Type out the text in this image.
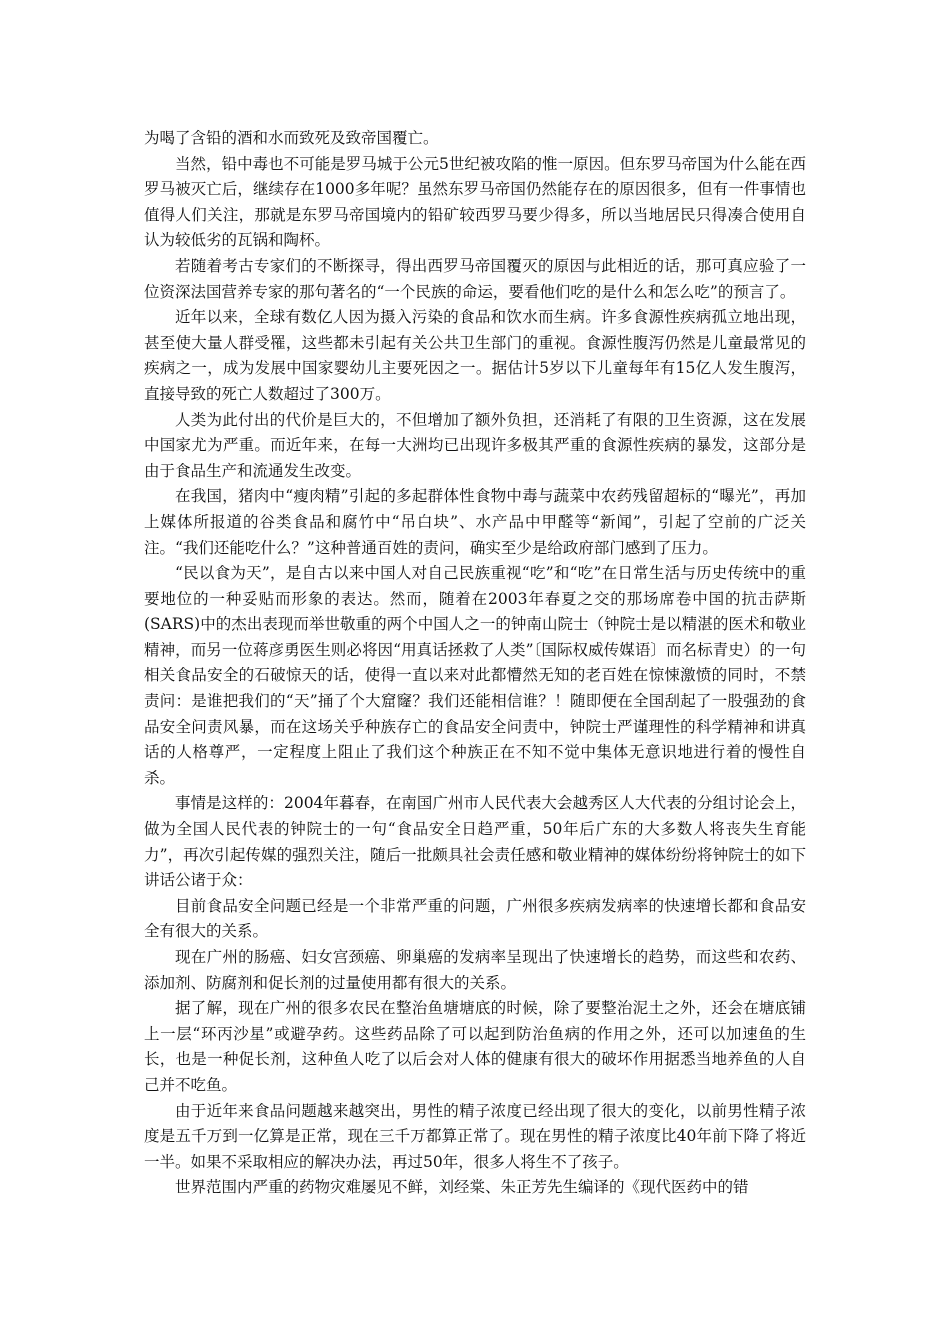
为喝了含铅的酒和水而致死及致帝国覆亡。

当然，铅中毒也不可能是罗马城于公元5世纪被攻陷的惟一原因。但东罗马帝国为什么能在西罗马被灭亡后，继续存在1000多年呢？虽然东罗马帝国仍然能存在的原因很多，但有一件事情也值得人们关注，那就是东罗马帝国境内的铅矿较西罗马要少得多，所以当地居民只得凑合使用自认为较低劣的瓦锅和陶杯。

若随着考古专家们的不断探寻，得出西罗马帝国覆灭的原因与此相近的话，那可真应验了一位资深法国营养专家的那句著名的“一个民族的命运，要看他们吃的是什么和怎么吃”的预言了。

近年以来，全球有数亿人因为摄入污染的食品和饮水而生病。许多食源性疾病孤立地出现，甚至使大量人群受罹，这些都未引起有关公共卫生部门的重视。食源性腹泻仍然是儿童最常见的疾病之一，成为发展中国家婴幼儿主要死因之一。据估计5岁以下儿童每年有15亿人发生腹泻，直接导致的死亡人数超过了300万。

人类为此付出的代价是巨大的，不但增加了额外负担，还消耗了有限的卫生资源，这在发展中国家尤为严重。而近年来，在每一大洲均已出现许多极其严重的食源性疾病的暴发，这部分是由于食品生产和流通发生改变。

在我国，猪肉中“瘦肉精”引起的多起群体性食物中毒与蔬菜中农药残留超标的“曝光”，再加上媒体所报道的谷类食品和腐竹中“吊白块”、水产品中甲醛等“新闻”，引起了空前的广泛关注。“我们还能吃什么？”这种普通百姓的责问，确实至少是给政府部门感到了压力。

“民以食为天”，是自古以来中国人对自己民族重视“吃”和“吃”在日常生活与历史传统中的重要地位的一种妥贴而形象的表达。然而，随着在2003年春夏之交的那场席卷中国的抗击萨斯(SARS)中的杰出表现而举世敬重的两个中国人之一的钟南山院士（钟院士是以精湛的医术和敬业精神，而另一位蒋彦勇医生则必将因“用真话拯救了人类”〔国际权威传媒语〕而名标青史）的一句相关食品安全的石破惊天的话，使得一直以来对此都懵然无知的老百姓在惊悚激愤的同时，不禁责问：是谁把我们的“天”捅了个大窟窿？我们还能相信谁？！随即便在全国刮起了一股强劲的食品安全问责风暴，而在这场关乎种族存亡的食品安全问责中，钟院士严谨理性的科学精神和讲真话的人格尊严，一定程度上阻止了我们这个种族正在不知不觉中集体无意识地进行着的慢性自杀。

事情是这样的：2004年暮春，在南国广州市人民代表大会越秀区人大代表的分组讨论会上，做为全国人民代表的钟院士的一句“食品安全日趋严重，50年后广东的大多数人将丧失生育能力”，再次引起传媒的强烈关注，随后一批颇具社会责任感和敬业精神的媒体纷纷将钟院士的如下讲话公诸于众：

目前食品安全问题已经是一个非常严重的问题，广州很多疾病发病率的快速增长都和食品安全有很大的关系。

现在广州的肠癌、妇女宫颈癌、卵巢癌的发病率呈现出了快速增长的趋势，而这些和农药、添加剂、防腐剂和促长剂的过量使用都有很大的关系。

据了解，现在广州的很多农民在整治鱼塘塘底的时候，除了要整治泥土之外，还会在塘底铺上一层“环丙沙星”或避孕药。这些药品除了可以起到防治鱼病的作用之外，还可以加速鱼的生长，也是一种促长剂，这种鱼人吃了以后会对人体的健康有很大的破坏作用据悉当地养鱼的人自己并不吃鱼。

由于近年来食品问题越来越突出，男性的精子浓度已经出现了很大的变化，以前男性精子浓度是五千万到一亿算是正常，现在三千万都算正常了。现在男性的精子浓度比40年前下降了将近一半。如果不采取相应的解决办法，再过50年，很多人将生不了孩子。

世界范围内严重的药物灾难屡见不鲜，刘经棠、朱正芳先生编译的《现代医药中的错
